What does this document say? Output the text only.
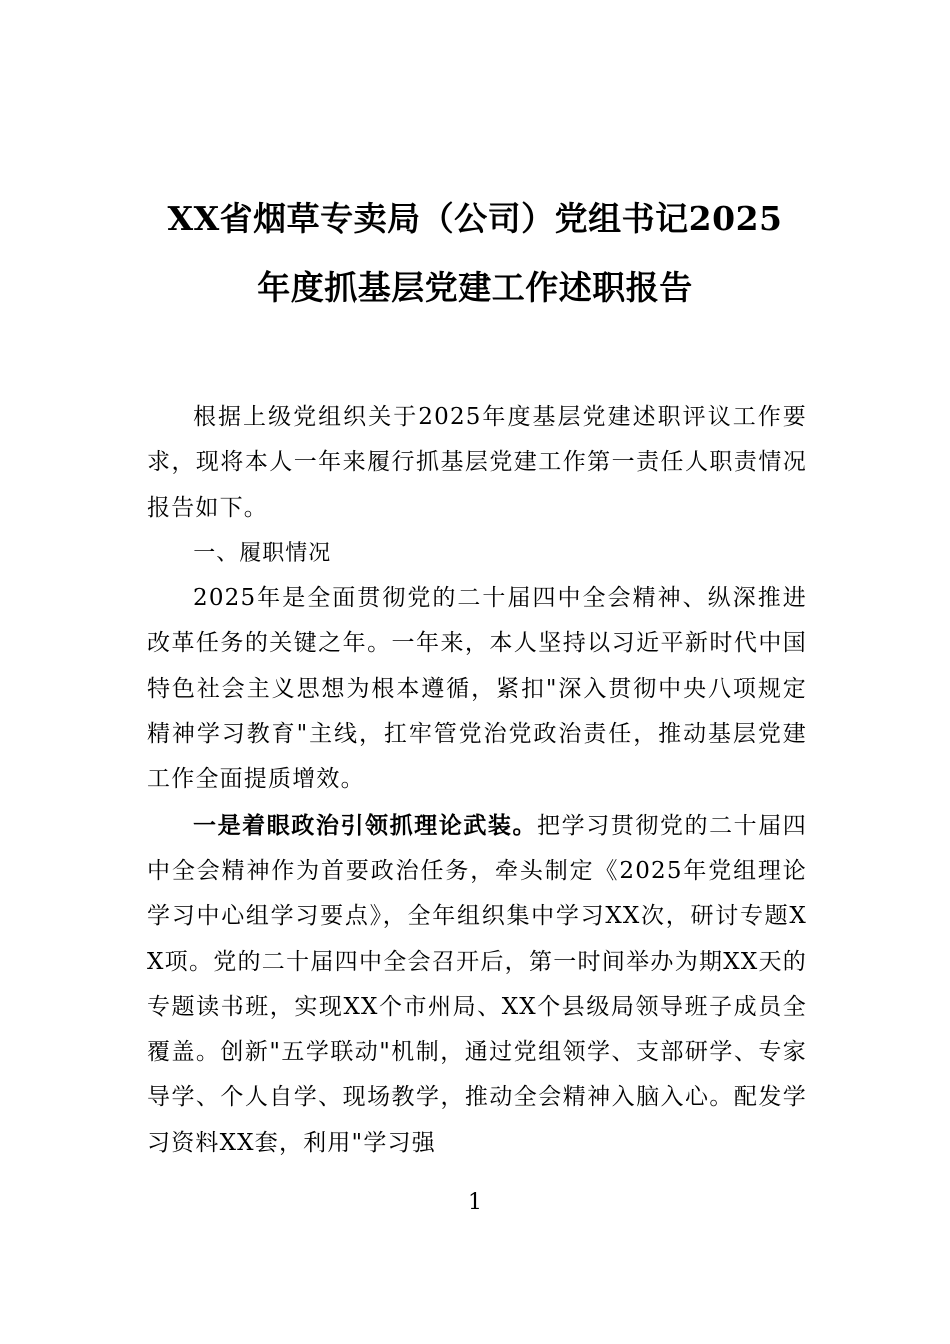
XX省烟草专卖局（公司）党组书记2025
年度抓基层党建工作述职报告

根据上级党组织关于2025年度基层党建述职评议工作要求，现将本人一年来履行抓基层党建工作第一责任人职责情况报告如下。

一、履职情况

2025年是全面贯彻党的二十届四中全会精神、纵深推进改革任务的关键之年。一年来，本人坚持以习近平新时代中国特色社会主义思想为根本遵循，紧扣"深入贯彻中央八项规定精神学习教育"主线，扛牢管党治党政治责任，推动基层党建工作全面提质增效。

一是着眼政治引领抓理论武装。把学习贯彻党的二十届四中全会精神作为首要政治任务，牵头制定《2025年党组理论学习中心组学习要点》，全年组织集中学习XX次，研讨专题XX项。党的二十届四中全会召开后，第一时间举办为期XX天的专题读书班，实现XX个市州局、XX个县级局领导班子成员全覆盖。创新"五学联动"机制，通过党组领学、支部研学、专家导学、个人自学、现场教学，推动全会精神入脑入心。配发学习资料XX套，利用"学习强

1
